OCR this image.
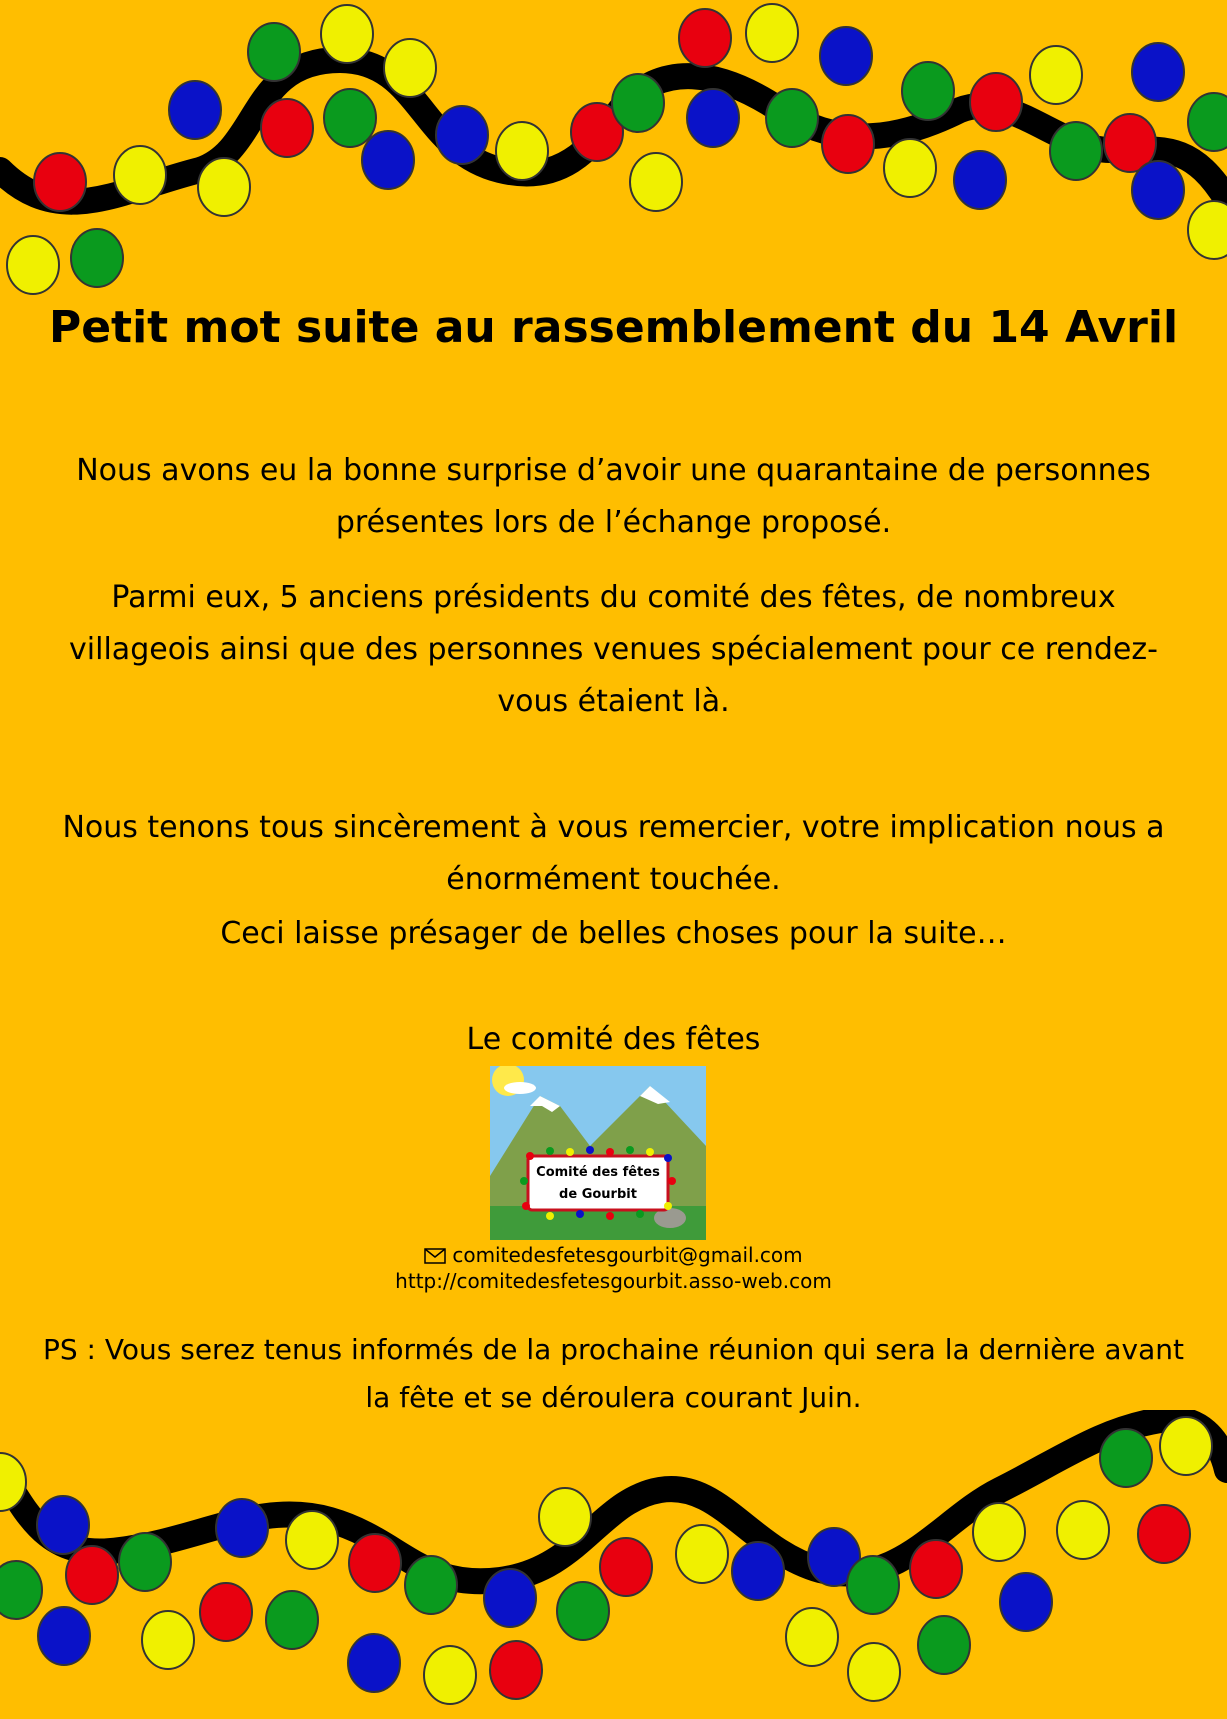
Petit mot suite au rassemblement du 14 Avril
Nous avons eu la bonne surprise d’avoir une quarantaine de personnes présentes lors de l’échange proposé.
Parmi eux, 5 anciens présidents du comité des fêtes, de nombreux villageois ainsi que des personnes venues spécialement pour ce rendez-vous étaient là.
Nous tenons tous sincèrement à vous remercier, votre implication nous a énormément touchée.
Ceci laisse présager de belles choses pour la suite…
Le comité des fêtes
Comité des fêtes
de Gourbit
comitedesfetesgourbit@gmail.com
http://comitedesfetesgourbit.asso-web.com
PS : Vous serez tenus informés de la prochaine réunion qui sera la dernière avant la fête et se déroulera courant Juin.
